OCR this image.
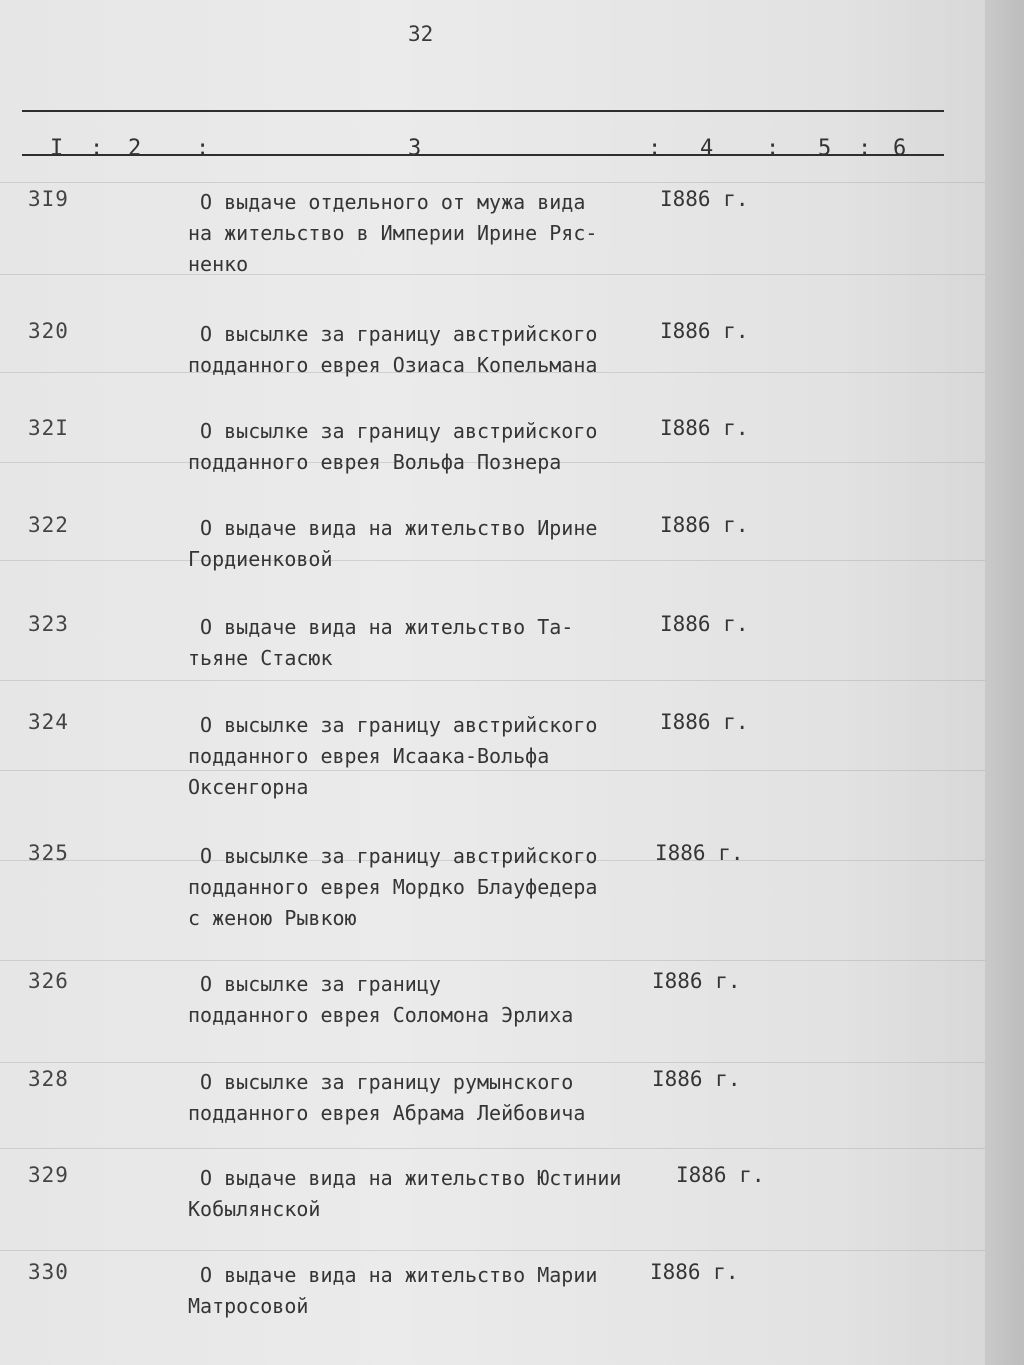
32
I : 2 :	3	: 4 : 5 : 6
3I9	О выдаче отдельного от мужа вида
на жительство в Империи Ирине Ряс-
ненко
I886 г.
320	О высылке за границу австрийского
подданного еврея Озиаса Копельмана
I886 г.
32I	О высылке за границу австрийского
подданного еврея Вольфа Познера
I886 г.
322	О выдаче вида на жительство Ирине
Гордиенковой
I886 г.
323	О выдаче вида на жительство Та-
тьяне Стасюк
I886 г.
324	О высылке за границу австрийского
подданного еврея Исаака-Вольфа
Оксенгорна
I886 г.
325	О высылке за границу австрийского
подданного еврея Мордко Блауфедера
с женою Рывкою
I886 г.
326	О высылке за границу
подданного еврея Соломона Эрлиха
I886 г.
328	О высылке за границу румынского
подданного еврея Абрама Лейбовича
I886 г.
329	О выдаче вида на жительство Юстинии
Кобылянской
I886 г.
330	О выдаче вида на жительство Марии
Матросовой
I886 г.
